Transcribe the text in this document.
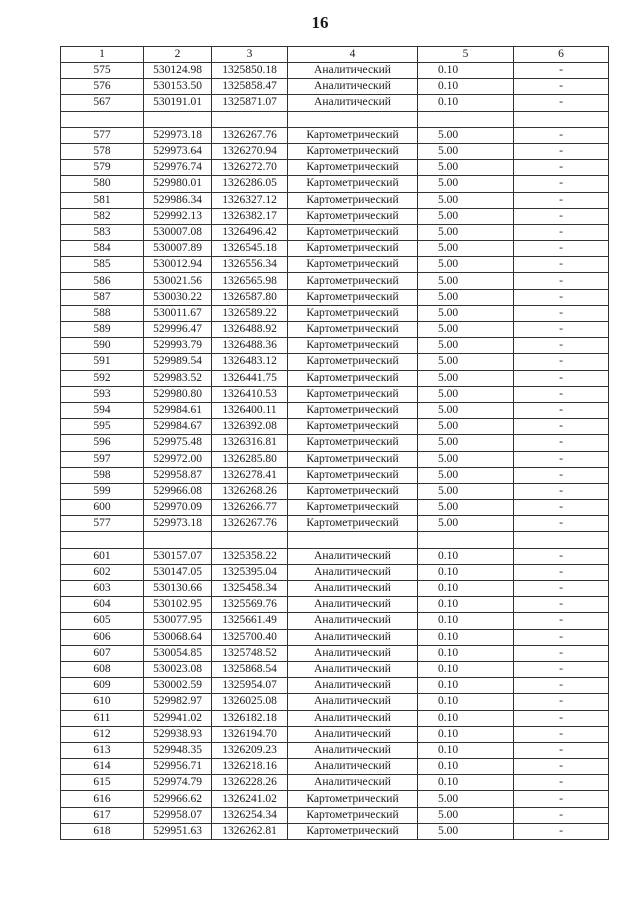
16
1	2	3	4	5	6
575	530124.98	1325850.18	Аналитический	0.10	-
576	530153.50	1325858.47	Аналитический	0.10	-
567	530191.01	1325871.07	Аналитический	0.10	-

577	529973.18	1326267.76	Картометрический	5.00	-
578	529973.64	1326270.94	Картометрический	5.00	-
579	529976.74	1326272.70	Картометрический	5.00	-
580	529980.01	1326286.05	Картометрический	5.00	-
581	529986.34	1326327.12	Картометрический	5.00	-
582	529992.13	1326382.17	Картометрический	5.00	-
583	530007.08	1326496.42	Картометрический	5.00	-
584	530007.89	1326545.18	Картометрический	5.00	-
585	530012.94	1326556.34	Картометрический	5.00	-
586	530021.56	1326565.98	Картометрический	5.00	-
587	530030.22	1326587.80	Картометрический	5.00	-
588	530011.67	1326589.22	Картометрический	5.00	-
589	529996.47	1326488.92	Картометрический	5.00	-
590	529993.79	1326488.36	Картометрический	5.00	-
591	529989.54	1326483.12	Картометрический	5.00	-
592	529983.52	1326441.75	Картометрический	5.00	-
593	529980.80	1326410.53	Картометрический	5.00	-
594	529984.61	1326400.11	Картометрический	5.00	-
595	529984.67	1326392.08	Картометрический	5.00	-
596	529975.48	1326316.81	Картометрический	5.00	-
597	529972.00	1326285.80	Картометрический	5.00	-
598	529958.87	1326278.41	Картометрический	5.00	-
599	529966.08	1326268.26	Картометрический	5.00	-
600	529970.09	1326266.77	Картометрический	5.00	-
577	529973.18	1326267.76	Картометрический	5.00	-

601	530157.07	1325358.22	Аналитический	0.10	-
602	530147.05	1325395.04	Аналитический	0.10	-
603	530130.66	1325458.34	Аналитический	0.10	-
604	530102.95	1325569.76	Аналитический	0.10	-
605	530077.95	1325661.49	Аналитический	0.10	-
606	530068.64	1325700.40	Аналитический	0.10	-
607	530054.85	1325748.52	Аналитический	0.10	-
608	530023.08	1325868.54	Аналитический	0.10	-
609	530002.59	1325954.07	Аналитический	0.10	-
610	529982.97	1326025.08	Аналитический	0.10	-
611	529941.02	1326182.18	Аналитический	0.10	-
612	529938.93	1326194.70	Аналитический	0.10	-
613	529948.35	1326209.23	Аналитический	0.10	-
614	529956.71	1326218.16	Аналитический	0.10	-
615	529974.79	1326228.26	Аналитический	0.10	-
616	529966.62	1326241.02	Картометрический	5.00	-
617	529958.07	1326254.34	Картометрический	5.00	-
618	529951.63	1326262.81	Картометрический	5.00	-
